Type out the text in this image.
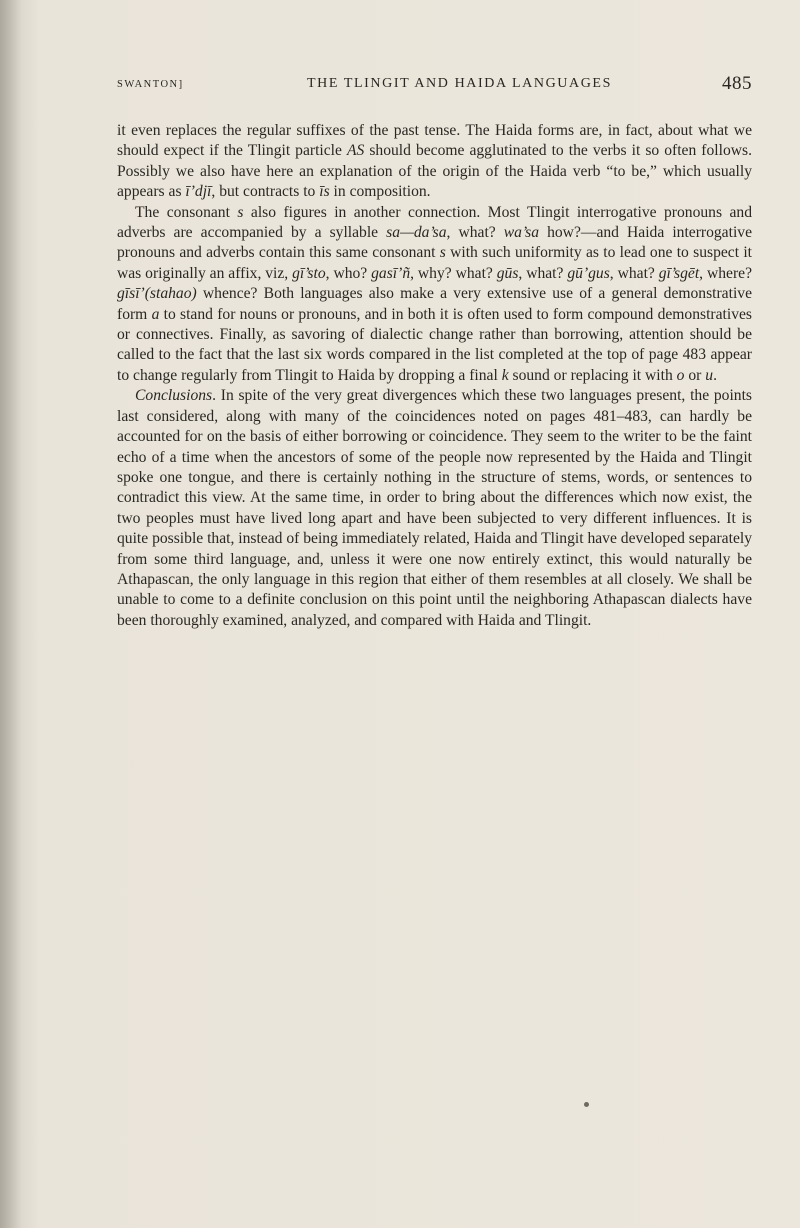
SWANTON]	THE TLINGIT AND HAIDA LANGUAGES	485

it even replaces the regular suffixes of the past tense. The Haida forms are, in fact, about what we should expect if the Tlingit particle AS should become agglutinated to the verbs it so often follows. Possibly we also have here an explanation of the origin of the Haida verb “to be,” which usually appears as ī’djī, but contracts to īs in composition.

The consonant s also figures in another connection. Most Tlingit interrogative pronouns and adverbs are accompanied by a syllable sa—da’sa, what? wa’sa how?—and Haida interrogative pronouns and adverbs contain this same consonant s with such uniformity as to lead one to suspect it was originally an affix, viz, gī’sto, who? gasī’ñ, why? what? gūs, what? gū’gus, what? gī’sgēt, where? gīsī’(stahao) whence? Both languages also make a very extensive use of a general demonstrative form a to stand for nouns or pronouns, and in both it is often used to form compound demonstratives or connectives. Finally, as savoring of dialectic change rather than borrowing, attention should be called to the fact that the last six words compared in the list completed at the top of page 483 appear to change regularly from Tlingit to Haida by dropping a final k sound or replacing it with o or u.

Conclusions. In spite of the very great divergences which these two languages present, the points last considered, along with many of the coincidences noted on pages 481–483, can hardly be accounted for on the basis of either borrowing or coincidence. They seem to the writer to be the faint echo of a time when the ancestors of some of the people now represented by the Haida and Tlingit spoke one tongue, and there is certainly nothing in the structure of stems, words, or sentences to contradict this view. At the same time, in order to bring about the differences which now exist, the two peoples must have lived long apart and have been subjected to very different influences. It is quite possible that, instead of being immediately related, Haida and Tlingit have developed separately from some third language, and, unless it were one now entirely extinct, this would naturally be Athapascan, the only language in this region that either of them resembles at all closely. We shall be unable to come to a definite conclusion on this point until the neighboring Athapascan dialects have been thoroughly examined, analyzed, and compared with Haida and Tlingit.
